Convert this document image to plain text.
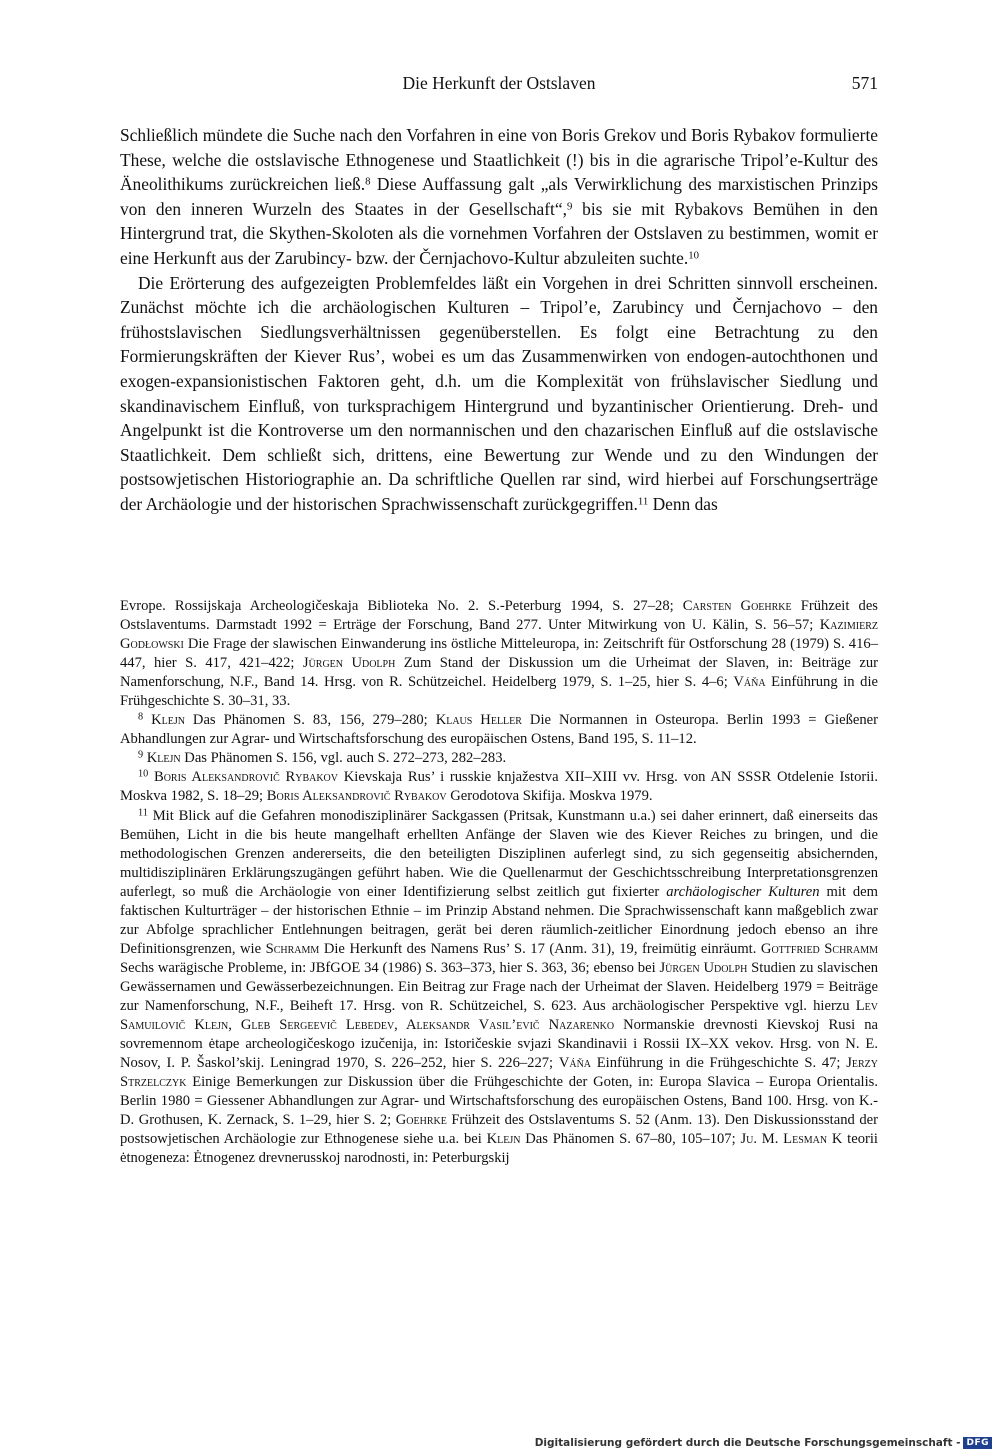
Die Herkunft der Ostslaven	571

Schließlich mündete die Suche nach den Vorfahren in eine von Boris Grekov und Boris Rybakov formulierte These, welche die ostslavische Ethnogenese und Staatlichkeit (!) bis in die agrarische Tripol’e-Kultur des Äneolithikums zurückreichen ließ.$^8$ Diese Auffassung galt „als Verwirklichung des marxistischen Prinzips von den inneren Wurzeln des Staates in der Gesellschaft“,$^9$ bis sie mit Rybakovs Bemühen in den Hintergrund trat, die Skythen-Skoloten als die vornehmen Vorfahren der Ostslaven zu bestimmen, womit er eine Herkunft aus der Zarubincy- bzw. der Černjachovo-Kultur abzuleiten suchte.$^{10}$

Die Erörterung des aufgezeigten Problemfeldes läßt ein Vorgehen in drei Schritten sinnvoll erscheinen. Zunächst möchte ich die archäologischen Kulturen – Tripol’e, Zarubincy und Černjachovo – den frühostslavischen Siedlungsverhältnissen gegenüberstellen. Es folgt eine Betrachtung zu den Formierungskräften der Kiever Rus’, wobei es um das Zusammenwirken von endogen-autochthonen und exogen-expansionistischen Faktoren geht, d.h. um die Komplexität von frühslavischer Siedlung und skandinavischem Einfluß, von turksprachigem Hintergrund und byzantinischer Orientierung. Dreh- und Angelpunkt ist die Kontroverse um den normannischen und den chazarischen Einfluß auf die ostslavische Staatlichkeit. Dem schließt sich, drittens, eine Bewertung zur Wende und zu den Windungen der postsowjetischen Historiographie an. Da schriftliche Quellen rar sind, wird hierbei auf Forschungserträge der Archäologie und der historischen Sprachwissenschaft zurückgegriffen.$^{11}$ Denn das

Evrope. Rossijskaja Archeologičeskaja Biblioteka No. 2. S.-Peterburg 1994, S. 27–28; Carsten Goehrke Frühzeit des Ostslaventums. Darmstadt 1992 = Erträge der Forschung, Band 277. Unter Mitwirkung von U. Kälin, S. 56–57; Kazimierz Godłowski Die Frage der slawischen Einwanderung ins östliche Mitteleuropa, in: Zeitschrift für Ostforschung 28 (1979) S. 416–447, hier S. 417, 421–422; Jürgen Udolph Zum Stand der Diskussion um die Urheimat der Slaven, in: Beiträge zur Namenforschung, N.F., Band 14. Hrsg. von R. Schützeichel. Heidelberg 1979, S. 1–25, hier S. 4–6; Váňa Einführung in die Frühgeschichte S. 30–31, 33.

$^8$ Klejn Das Phänomen S. 83, 156, 279–280; Klaus Heller Die Normannen in Osteuropa. Berlin 1993 = Gießener Abhandlungen zur Agrar- und Wirtschaftsforschung des europäischen Ostens, Band 195, S. 11–12.

$^9$ Klejn Das Phänomen S. 156, vgl. auch S. 272–273, 282–283.

$^{10}$ Boris Aleksandrovič Rybakov Kievskaja Rus’ i russkie knjažestva XII–XIII vv. Hrsg. von AN SSSR Otdelenie Istorii. Moskva 1982, S. 18–29; Boris Aleksandrovič Rybakov Gerodotova Skifija. Moskva 1979.

$^{11}$ Mit Blick auf die Gefahren monodisziplinärer Sackgassen (Pritsak, Kunstmann u.a.) sei daher erinnert, daß einerseits das Bemühen, Licht in die bis heute mangelhaft erhellten Anfänge der Slaven wie des Kiever Reiches zu bringen, und die methodologischen Grenzen andererseits, die den beteiligten Disziplinen auferlegt sind, zu sich gegenseitig absichernden, multidisziplinären Erklärungszugängen geführt haben. Wie die Quellenarmut der Geschichtsschreibung Interpretationsgrenzen auferlegt, so muß die Archäologie von einer Identifizierung selbst zeitlich gut fixierter archäologischer Kulturen mit dem faktischen Kulturträger – der historischen Ethnie – im Prinzip Abstand nehmen. Die Sprachwissenschaft kann maßgeblich zwar zur Abfolge sprachlicher Entlehnungen beitragen, gerät bei deren räumlich-zeitlicher Einordnung jedoch ebenso an ihre Definitionsgrenzen, wie Schramm Die Herkunft des Namens Rus’ S. 17 (Anm. 31), 19, freimütig einräumt. Gottfried Schramm Sechs warägische Probleme, in: JBfGOE 34 (1986) S. 363–373, hier S. 363, 36; ebenso bei Jürgen Udolph Studien zu slavischen Gewässernamen und Gewässerbezeichnungen. Ein Beitrag zur Frage nach der Urheimat der Slaven. Heidelberg 1979 = Beiträge zur Namenforschung, N.F., Beiheft 17. Hrsg. von R. Schützeichel, S. 623. Aus archäologischer Perspektive vgl. hierzu Lev Samuilovič Klejn, Gleb Sergeevič Lebedev, Aleksandr Vasil’evič Nazarenko Normanskie drevnosti Kievskoj Rusi na sovremennom ėtape archeologičeskogo izučenija, in: Istoričeskie svjazi Skandinavii i Rossii IX–XX vekov. Hrsg. von N. E. Nosov, I. P. Šaskol’skij. Leningrad 1970, S. 226–252, hier S. 226–227; Váňa Einführung in die Frühgeschichte S. 47; Jerzy Strzelczyk Einige Bemerkungen zur Diskussion über die Frühgeschichte der Goten, in: Europa Slavica – Europa Orientalis. Berlin 1980 = Giessener Abhandlungen zur Agrar- und Wirtschaftsforschung des europäischen Ostens, Band 100. Hrsg. von K.-D. Grothusen, K. Zernack, S. 1–29, hier S. 2; Goehrke Frühzeit des Ostslaventums S. 52 (Anm. 13). Den Diskussionsstand der postsowjetischen Archäologie zur Ethnogenese siehe u.a. bei Klejn Das Phänomen S. 67–80, 105–107; Ju. M. Lesman K teorii ėtnogeneza: Ėtnogenez drevnerusskoj narodnosti, in: Peterburgskij

Digitalisierung gefördert durch die Deutsche Forschungsgemeinschaft - DFG
